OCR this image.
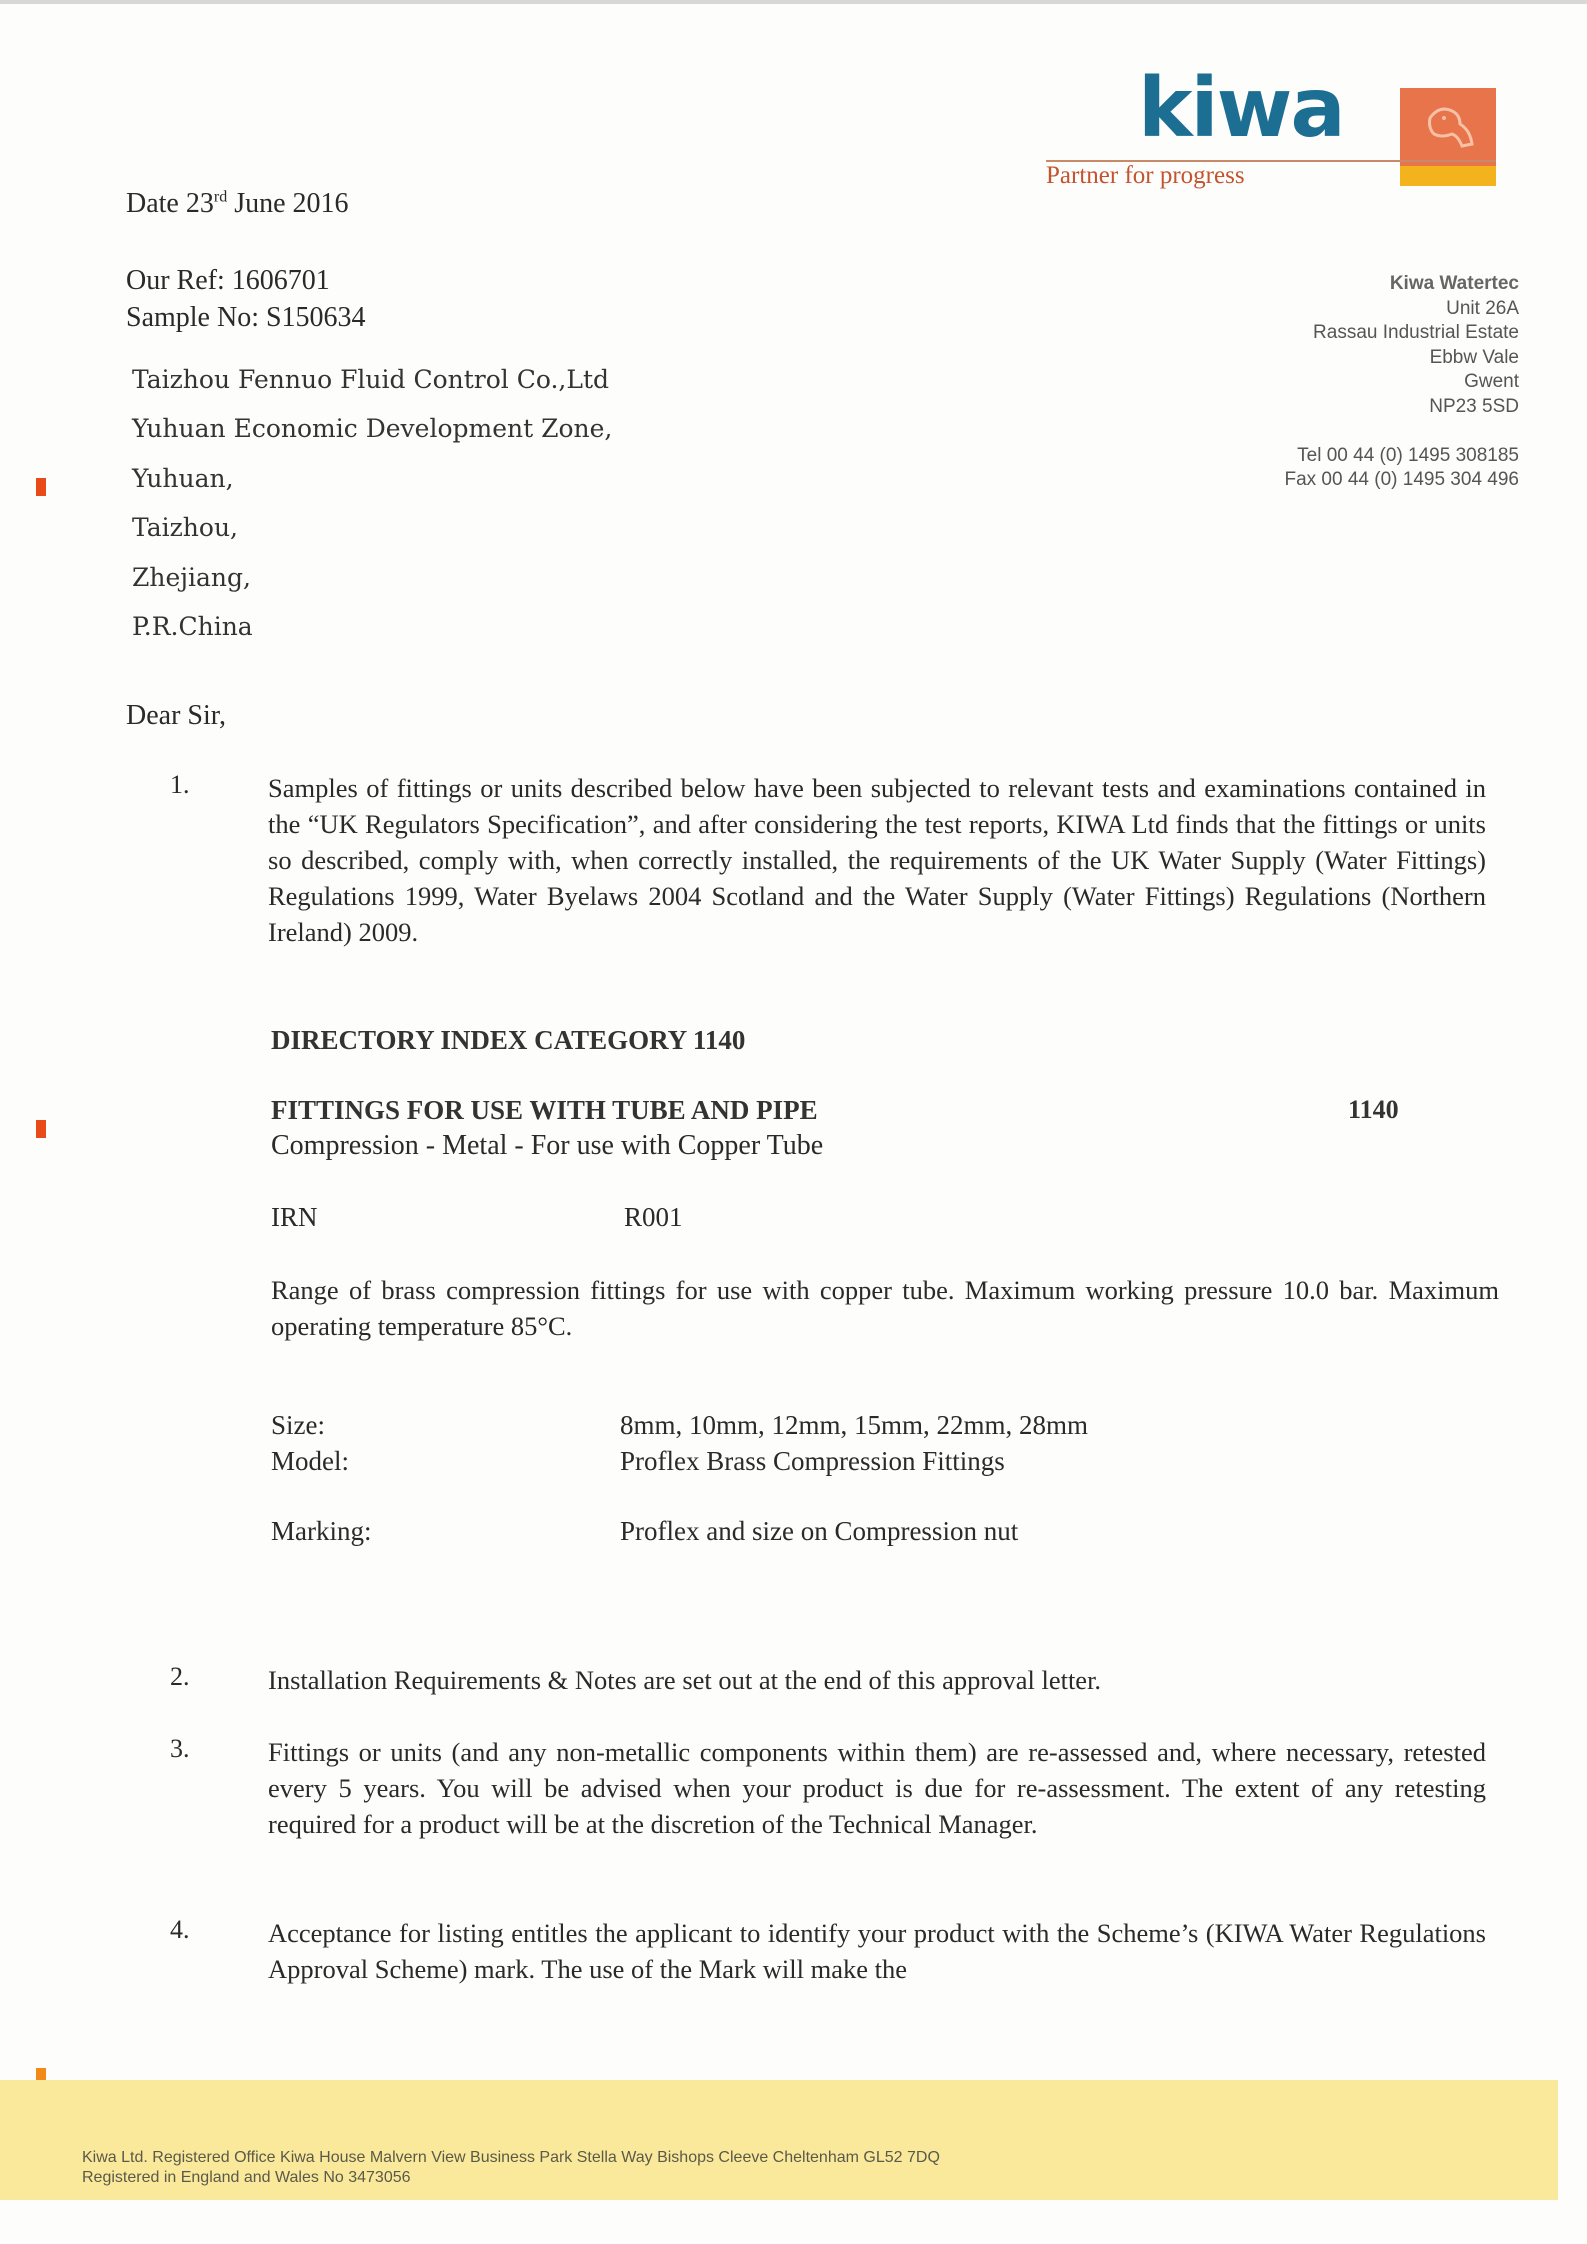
kiwa
Partner for progress
Date 23rd June 2016
Our Ref: 1606701
Sample No: S150634
Taizhou Fennuo Fluid Control Co.,Ltd
Yuhuan Economic Development Zone,
Yuhuan,
Taizhou,
Zhejiang,
P.R.China
Kiwa Watertec
Unit 26A
Rassau Industrial Estate
Ebbw Vale
Gwent
NP23 5SD
Tel 00 44 (0) 1495 308185
Fax 00 44 (0) 1495 304 496
Dear Sir,
1.	Samples of fittings or units described below have been subjected to relevant tests and examinations contained in the “UK Regulators Specification”, and after considering the test reports, KIWA Ltd finds that the fittings or units so described, comply with, when correctly installed, the requirements of the UK Water Supply (Water Fittings) Regulations 1999, Water Byelaws 2004 Scotland and the Water Supply (Water Fittings) Regulations (Northern Ireland) 2009.
DIRECTORY INDEX CATEGORY 1140
FITTINGS FOR USE WITH TUBE AND PIPE	1140
Compression - Metal - For use with Copper Tube
IRN	R001
Range of brass compression fittings for use with copper tube. Maximum working pressure 10.0 bar. Maximum operating temperature 85°C.
Size:	8mm, 10mm, 12mm, 15mm, 22mm, 28mm
Model:	Proflex Brass Compression Fittings
Marking:	Proflex and size on Compression nut
2.	Installation Requirements & Notes are set out at the end of this approval letter.
3.	Fittings or units (and any non-metallic components within them) are re-assessed and, where necessary, retested every 5 years. You will be advised when your product is due for re-assessment. The extent of any retesting required for a product will be at the discretion of the Technical Manager.
4.	Acceptance for listing entitles the applicant to identify your product with the Scheme’s (KIWA Water Regulations Approval Scheme) mark. The use of the Mark will make the
Kiwa Ltd. Registered Office Kiwa House Malvern View Business Park Stella Way Bishops Cleeve Cheltenham GL52 7DQ
Registered in England and Wales No 3473056
